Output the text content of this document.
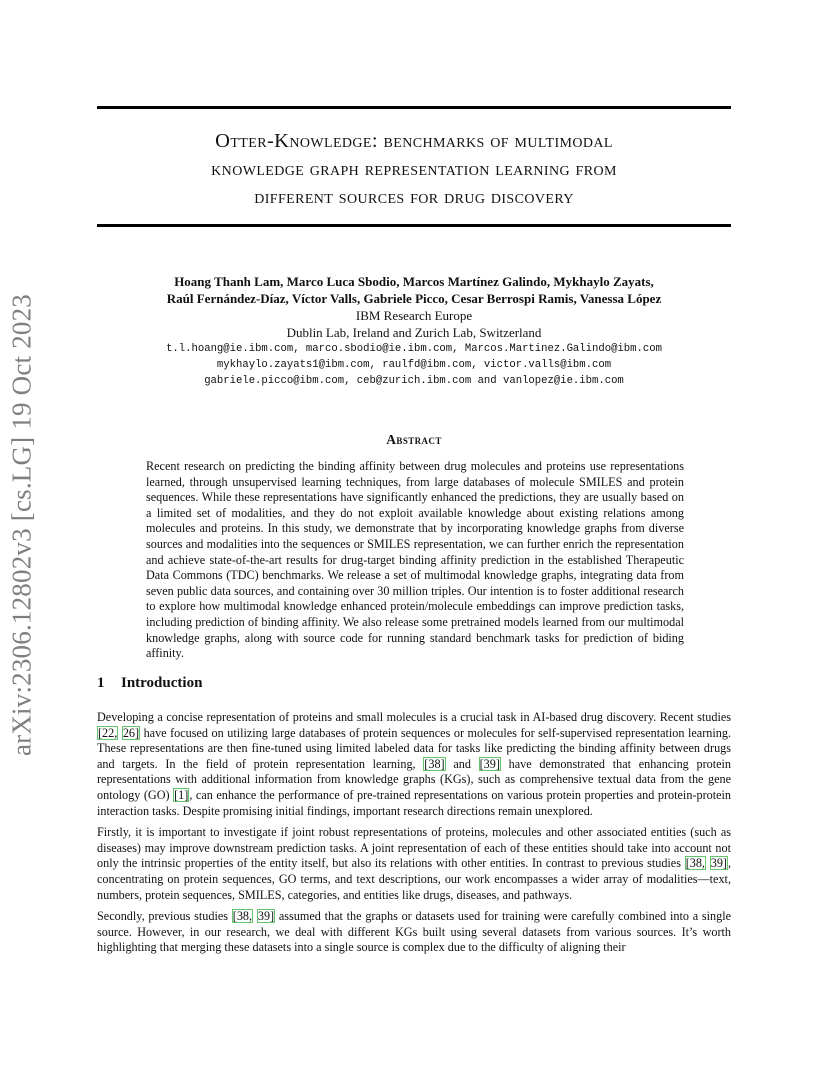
arXiv:2306.12802v3 [cs.LG] 19 Oct 2023
Otter-Knowledge: benchmarks of multimodal
knowledge graph representation learning from
different sources for drug discovery
Hoang Thanh Lam, Marco Luca Sbodio, Marcos Martínez Galindo, Mykhaylo Zayats,
Raúl Fernández-Díaz, Víctor Valls, Gabriele Picco, Cesar Berrospi Ramis, Vanessa López
IBM Research Europe
Dublin Lab, Ireland and Zurich Lab, Switzerland
t.l.hoang@ie.ibm.com, marco.sbodio@ie.ibm.com, Marcos.Martinez.Galindo@ibm.com
mykhaylo.zayats1@ibm.com, raulfd@ibm.com, victor.valls@ibm.com
gabriele.picco@ibm.com, ceb@zurich.ibm.com and vanlopez@ie.ibm.com
Abstract
Recent research on predicting the binding affinity between drug molecules and proteins use representations learned, through unsupervised learning techniques, from large databases of molecule SMILES and protein sequences. While these representations have significantly enhanced the predictions, they are usually based on a limited set of modalities, and they do not exploit available knowledge about existing relations among molecules and proteins. In this study, we demonstrate that by incorporating knowledge graphs from diverse sources and modalities into the sequences or SMILES representation, we can further enrich the representation and achieve state-of-the-art results for drug-target binding affinity prediction in the established Therapeutic Data Commons (TDC) benchmarks. We release a set of multimodal knowledge graphs, integrating data from seven public data sources, and containing over 30 million triples. Our intention is to foster additional research to explore how multimodal knowledge enhanced protein/molecule embeddings can improve prediction tasks, including prediction of binding affinity. We also release some pretrained models learned from our multimodal knowledge graphs, along with source code for running standard benchmark tasks for prediction of biding affinity.
1 Introduction

Developing a concise representation of proteins and small molecules is a crucial task in AI-based drug discovery. Recent studies [22, 26] have focused on utilizing large databases of protein sequences or molecules for self-supervised representation learning. These representations are then fine-tuned using limited labeled data for tasks like predicting the binding affinity between drugs and targets. In the field of protein representation learning, [38] and [39] have demonstrated that enhancing protein representations with additional information from knowledge graphs (KGs), such as comprehensive textual data from the gene ontology (GO) [1], can enhance the performance of pre-trained representations on various protein properties and protein-protein interaction tasks. Despite promising initial findings, important research directions remain unexplored.

Firstly, it is important to investigate if joint robust representations of proteins, molecules and other associated entities (such as diseases) may improve downstream prediction tasks. A joint representation of each of these entities should take into account not only the intrinsic properties of the entity itself, but also its relations with other entities. In contrast to previous studies [38, 39], concentrating on protein sequences, GO terms, and text descriptions, our work encompasses a wider array of modalities—text, numbers, protein sequences, SMILES, categories, and entities like drugs, diseases, and pathways.

Secondly, previous studies [38, 39] assumed that the graphs or datasets used for training were carefully combined into a single source. However, in our research, we deal with different KGs built using several datasets from various sources. It’s worth highlighting that merging these datasets into a single source is complex due to the difficulty of aligning their
